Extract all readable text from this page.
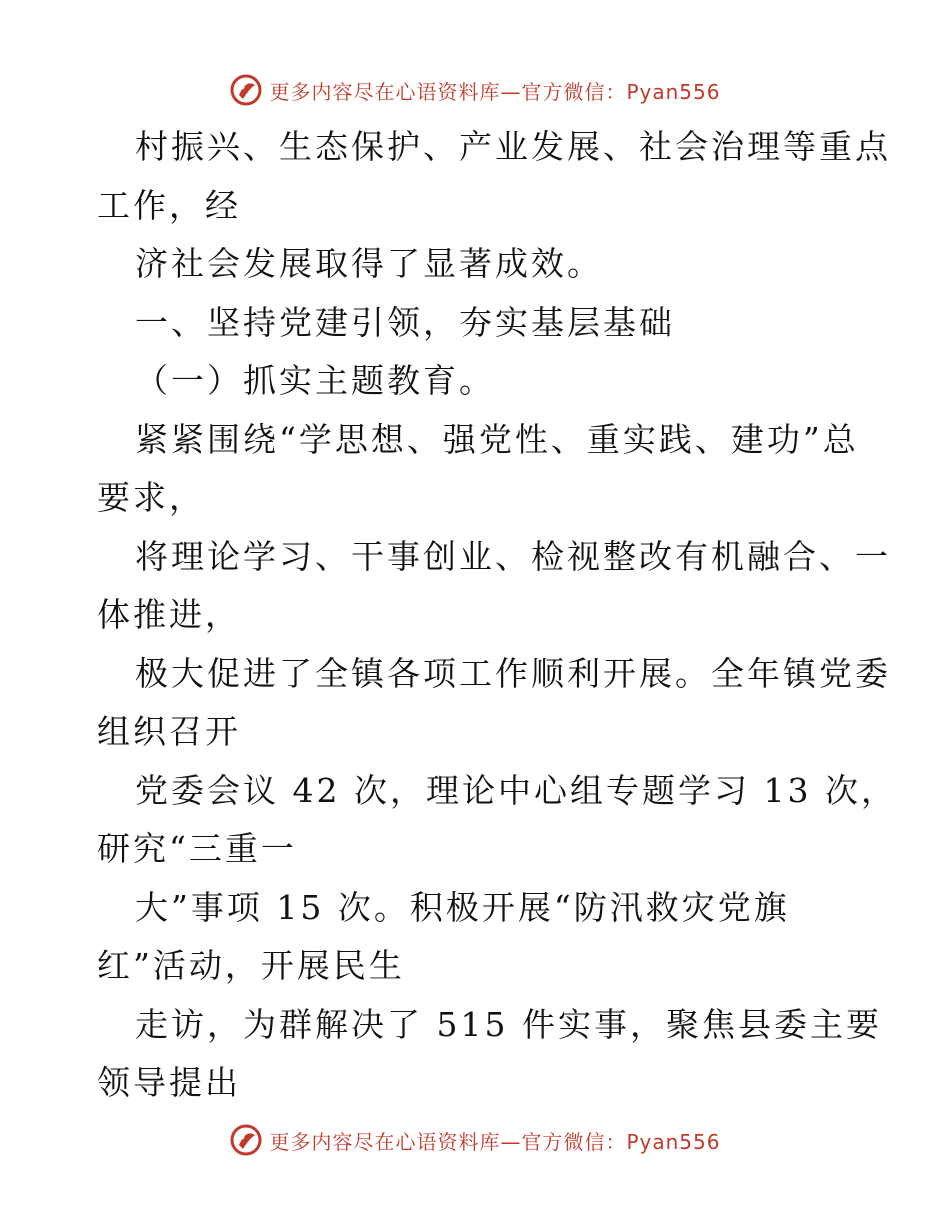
更多内容尽在心语资料库—官方微信：Pyan556
村振兴、生态保护、产业发展、社会治理等重点
工作，经
济社会发展取得了显著成效。
一、坚持党建引领，夯实基层基础
（一）抓实主题教育。
紧紧围绕“学思想、强党性、重实践、建功”总
要求，
将理论学习、干事创业、检视整改有机融合、一
体推进，
极大促进了全镇各项工作顺利开展。全年镇党委
组织召开
党委会议 42 次，理论中心组专题学习 13 次，
研究“三重一
大”事项 15 次。积极开展“防汛救灾党旗
红”活动，开展民生
走访，为群解决了 515 件实事，聚焦县委主要
领导提出
更多内容尽在心语资料库—官方微信：Pyan556
